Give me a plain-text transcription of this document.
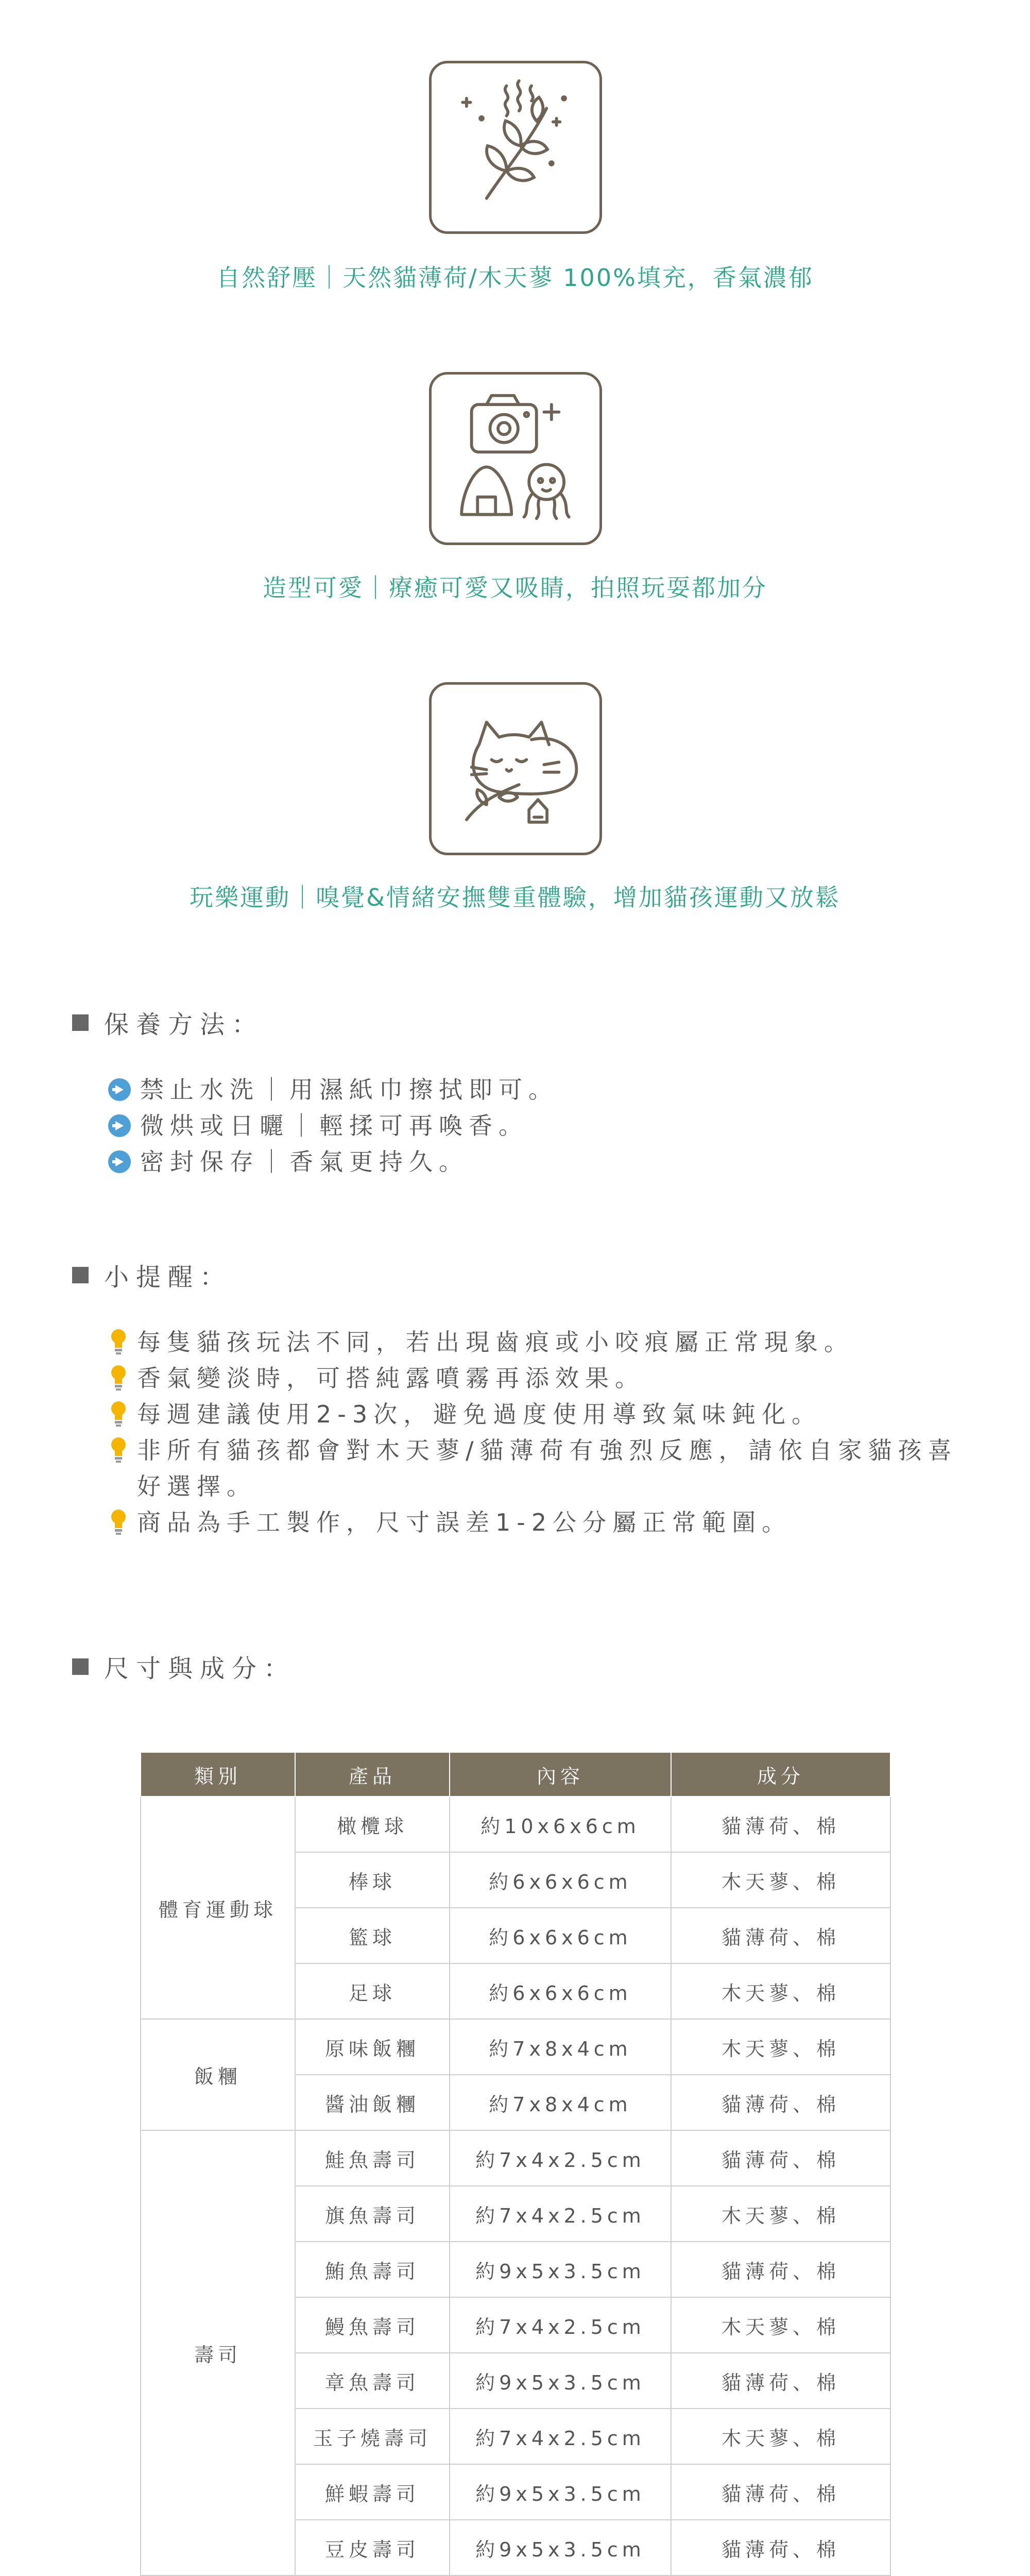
自然舒壓｜天然貓薄荷/木天蓼 100%填充，香氣濃郁
造型可愛｜療癒可愛又吸睛，拍照玩耍都加分
玩樂運動｜嗅覺&情緒安撫雙重體驗，增加貓孩運動又放鬆
保養方法：
禁止水洗｜用濕紙巾擦拭即可。
微烘或日曬｜輕揉可再喚香。
密封保存｜香氣更持久。
小提醒：
每隻貓孩玩法不同，若出現齒痕或小咬痕屬正常現象。
香氣變淡時，可搭純露噴霧再添效果。
每週建議使用2-3次，避免過度使用導致氣味鈍化。
非所有貓孩都會對木天蓼/貓薄荷有強烈反應，請依自家貓孩喜好選擇。
商品為手工製作，尺寸誤差1-2公分屬正常範圍。
尺寸與成分：
類別	產品	內容	成分
體育運動球	橄欖球	約10x6x6cm	貓薄荷、棉
	棒球	約6x6x6cm	木天蓼、棉
	籃球	約6x6x6cm	貓薄荷、棉
	足球	約6x6x6cm	木天蓼、棉
飯糰	原味飯糰	約7x8x4cm	木天蓼、棉
	醬油飯糰	約7x8x4cm	貓薄荷、棉
壽司	鮭魚壽司	約7x4x2.5cm	貓薄荷、棉
	旗魚壽司	約7x4x2.5cm	木天蓼、棉
	鮪魚壽司	約9x5x3.5cm	貓薄荷、棉
	鰻魚壽司	約7x4x2.5cm	木天蓼、棉
	章魚壽司	約9x5x3.5cm	貓薄荷、棉
	玉子燒壽司	約7x4x2.5cm	木天蓼、棉
	鮮蝦壽司	約9x5x3.5cm	貓薄荷、棉
	豆皮壽司	約9x5x3.5cm	貓薄荷、棉
